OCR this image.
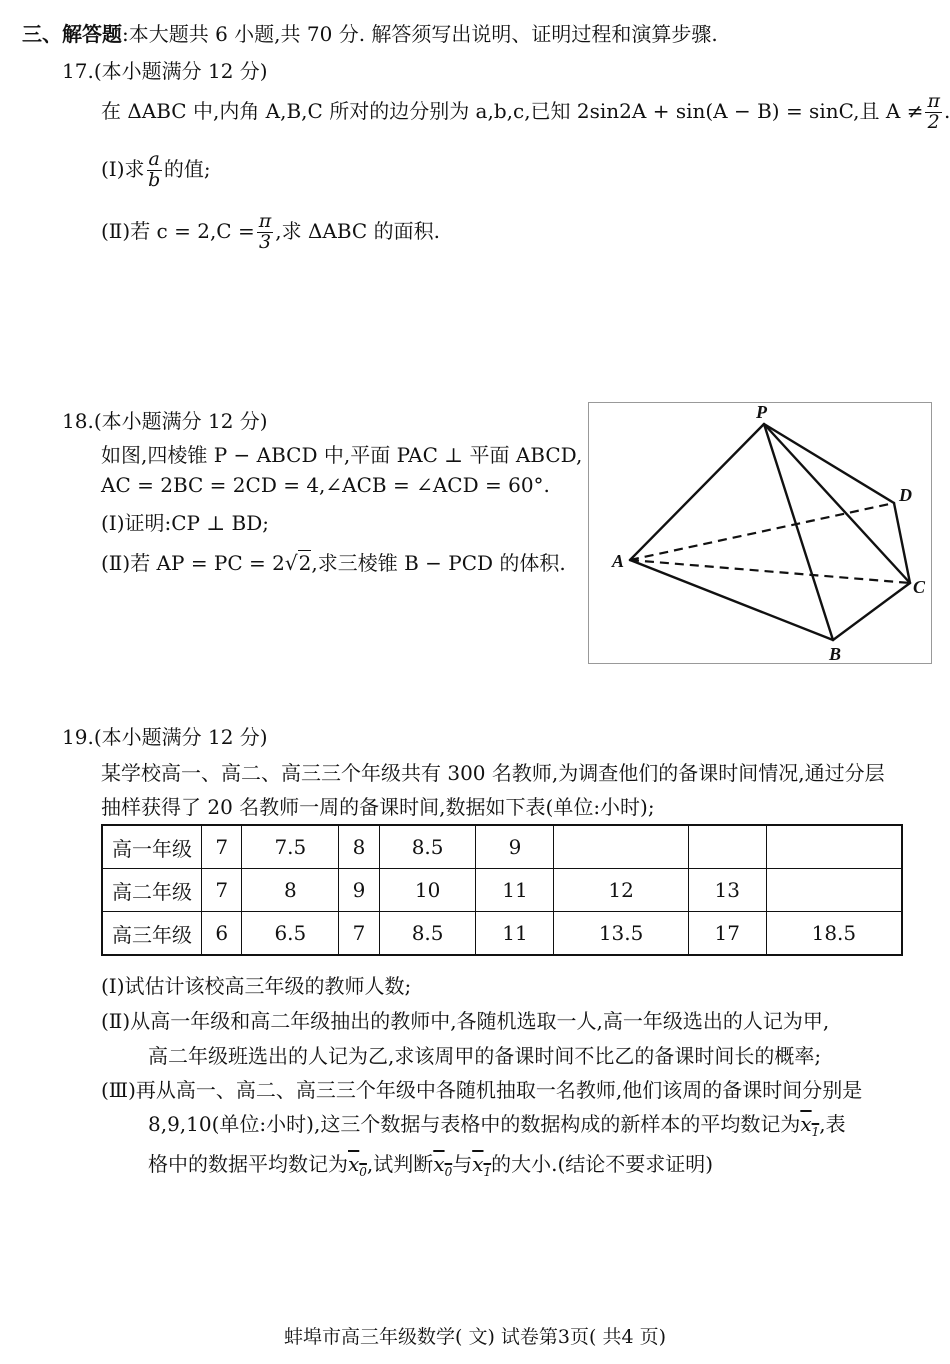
三、解答题:本大题共 6 小题,共 70 分. 解答须写出说明、证明过程和演算步骤.
17.(本小题满分 12 分)
在 ΔABC 中,内角 A,B,C 所对的边分别为 a,b,c,已知 2sin2A + sin(A − B) = sinC,且 $A \ne \frac{\pi}{2}$ .
(Ⅰ)求 $\frac{a}{b}$ 的值;
(Ⅱ)若 $c = 2,C = \frac{\pi}{3}$ ,求 ΔABC 的面积.
18.(本小题满分 12 分)
如图,四棱锥 P − ABCD 中,平面 PAC ⊥ 平面 ABCD,
AC = 2BC = 2CD = 4,∠ACB = ∠ACD = 60°.
(Ⅰ)证明:CP ⊥ BD;
(Ⅱ)若 AP = PC = 2√2,求三棱锥 B − PCD 的体积.
P
D
A
C
B
19.(本小题满分 12 分)
某学校高一、高二、高三三个年级共有 300 名教师,为调查他们的备课时间情况,通过分层
抽样获得了 20 名教师一周的备课时间,数据如下表(单位:小时);
高一年级	7	7.5	8	8.5	9			
高二年级	7	8	9	10	11	12	13	
高三年级	6	6.5	7	8.5	11	13.5	17	18.5
(Ⅰ)试估计该校高三年级的教师人数;
(Ⅱ)从高一年级和高二年级抽出的教师中,各随机选取一人,高一年级选出的人记为甲,
高二年级班选出的人记为乙,求该周甲的备课时间不比乙的备课时间长的概率;
(Ⅲ)再从高一、高二、高三三个年级中各随机抽取一名教师,他们该周的备课时间分别是
8,9,10(单位:小时),这三个数据与表格中的数据构成的新样本的平均数记为$x_1$,表
格中的数据平均数记为$x_0$,试判断$x_0$与$x_1$的大小.(结论不要求证明)
蚌埠市高三年级数学( 文) 试卷第3页( 共4 页)
